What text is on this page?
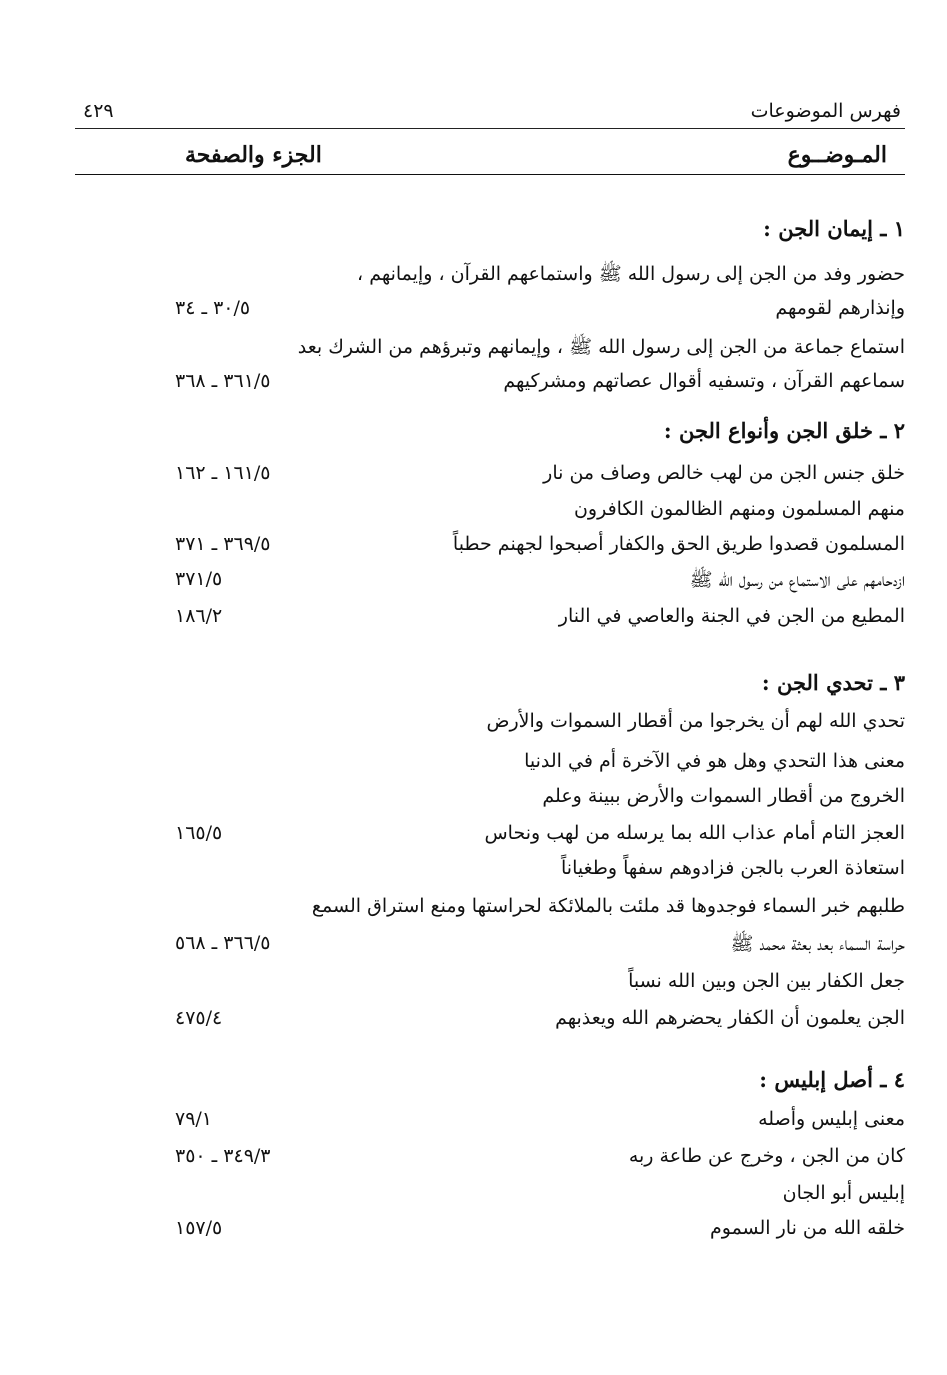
فهرس الموضوعات
٤٢٩
المـوضــوع
الجزء والصفحة
١ ـ إيمان الجن :
حضور وفد من الجن إلى رسول الله ﷺ واستماعهم القرآن ، وإيمانهم ،
وإنذارهم لقومهم
٣٠/٥ ـ ٣٤
استماع جماعة من الجن إلى رسول الله ﷺ ، وإيمانهم وتبرؤهم من الشرك بعد
سماعهم القرآن ، وتسفيه أقوال عصاتهم ومشركيهم
٣٦١/٥ ـ ٣٦٨
٢ ـ خلق الجن وأنواع الجن :
خلق جنس الجن من لهب خالص وصاف من نار
١٦١/٥ ـ ١٦٢
منهم المسلمون ومنهم الظالمون الكافرون
المسلمون قصدوا طريق الحق والكفار أصبحوا لجهنم حطباً
٣٦٩/٥ ـ ٣٧١
ازدحامهم على الاستماع من رسول الله ﷺ
٣٧١/٥
المطيع من الجن في الجنة والعاصي في النار
١٨٦/٢
٣ ـ تحدي الجن :
تحدي الله لهم أن يخرجوا من أقطار السموات والأرض
معنى هذا التحدي وهل هو في الآخرة أم في الدنيا
الخروج من أقطار السموات والأرض ببينة وعلم
العجز التام أمام عذاب الله بما يرسله من لهب ونحاس
١٦٥/٥
استعاذة العرب بالجن فزادوهم سفهاً وطغياناً
طلبهم خبر السماء فوجدوها قد ملئت بالملائكة لحراستها ومنع استراق السمع
حراسة السماء بعد بعثة محمد ﷺ
٣٦٦/٥ ـ ٥٦٨
جعل الكفار بين الجن وبين الله نسباً
الجن يعلمون أن الكفار يحضرهم الله ويعذبهم
٤٧٥/٤
٤ ـ أصل إبليس :
معنى إبليس وأصله
٧٩/١
كان من الجن ، وخرج عن طاعة ربه
٣٤٩/٣ ـ ٣٥٠
إبليس أبو الجان
خلقه الله من نار السموم
١٥٧/٥
